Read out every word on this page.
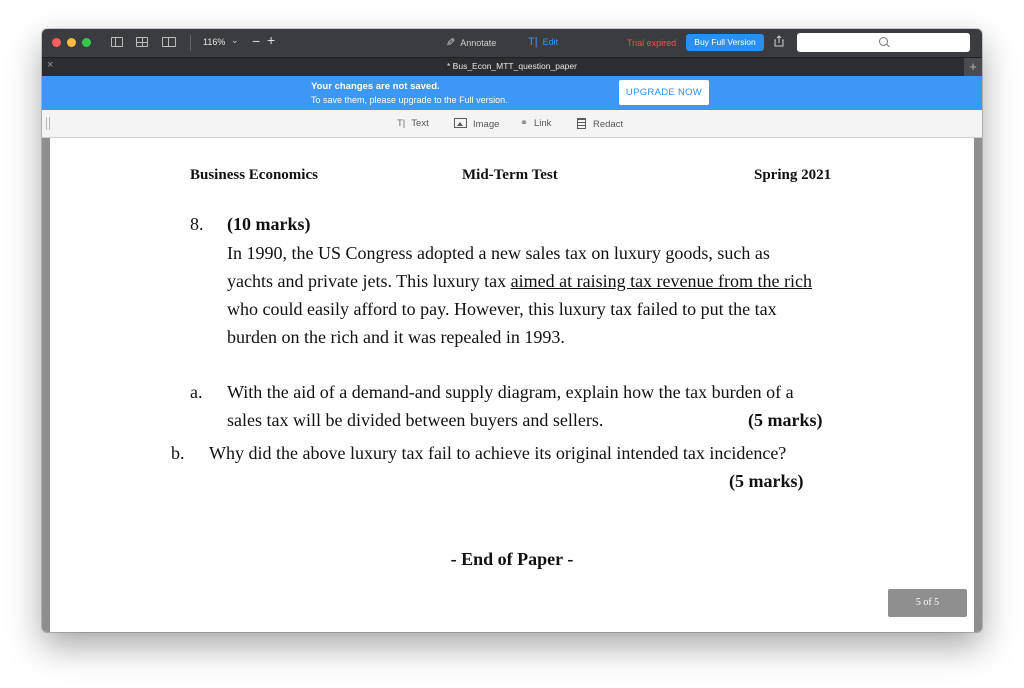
116% ⌄ − +	✎ Annotate	T| Edit	Trial expired	Buy Full Version
×	* Bus_Econ_MTT_question_paper	+
Your changes are not saved.
To save them, please upgrade to the Full version.
UPGRADE NOW
T| Text	Image ⚭ Link	Redact
Business Economics	Mid-Term Test	Spring 2021
8. (10 marks)
In 1990, the US Congress adopted a new sales tax on luxury goods, such as
yachts and private jets. This luxury tax aimed at raising tax revenue from the rich
who could easily afford to pay. However, this luxury tax failed to put the tax
burden on the rich and it was repealed in 1993.
a. With the aid of a demand-and supply diagram, explain how the tax burden of a
sales tax will be divided between buyers and sellers.	(5 marks)
b. Why did the above luxury tax fail to achieve its original intended tax incidence?
(5 marks)
- End of Paper -
5 of 5
